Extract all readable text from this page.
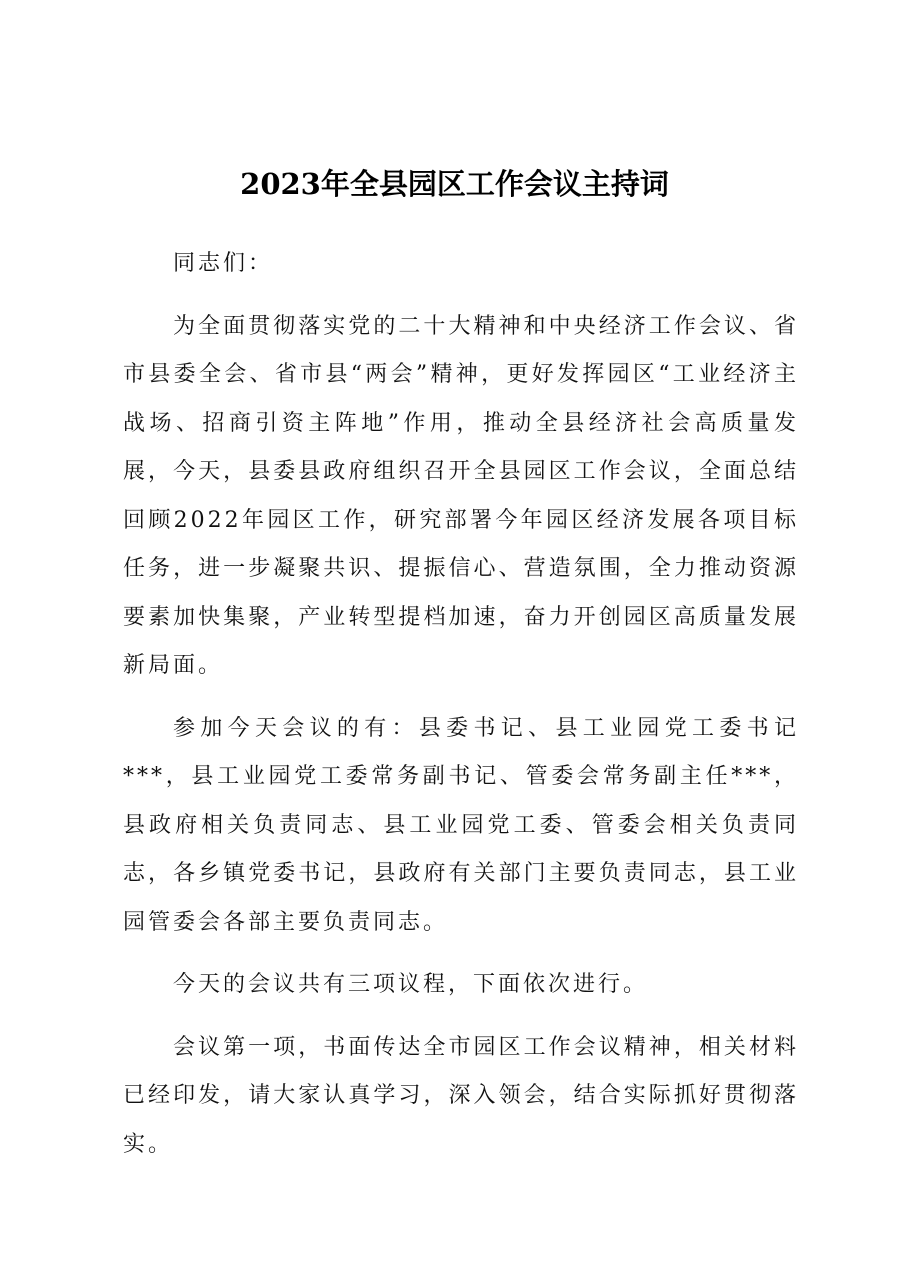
2023年全县园区工作会议主持词

同志们：

为全面贯彻落实党的二十大精神和中央经济工作会议、省市县委全会、省市县“两会”精神，更好发挥园区“工业经济主战场、招商引资主阵地”作用，推动全县经济社会高质量发展，今天，县委县政府组织召开全县园区工作会议，全面总结回顾2022年园区工作，研究部署今年园区经济发展各项目标任务，进一步凝聚共识、提振信心、营造氛围，全力推动资源要素加快集聚，产业转型提档加速，奋力开创园区高质量发展新局面。

参加今天会议的有：县委书记、县工业园党工委书记***，县工业园党工委常务副书记、管委会常务副主任***，县政府相关负责同志、县工业园党工委、管委会相关负责同志，各乡镇党委书记，县政府有关部门主要负责同志，县工业园管委会各部主要负责同志。

今天的会议共有三项议程，下面依次进行。

会议第一项，书面传达全市园区工作会议精神，相关材料已经印发，请大家认真学习，深入领会，结合实际抓好贯彻落实。
